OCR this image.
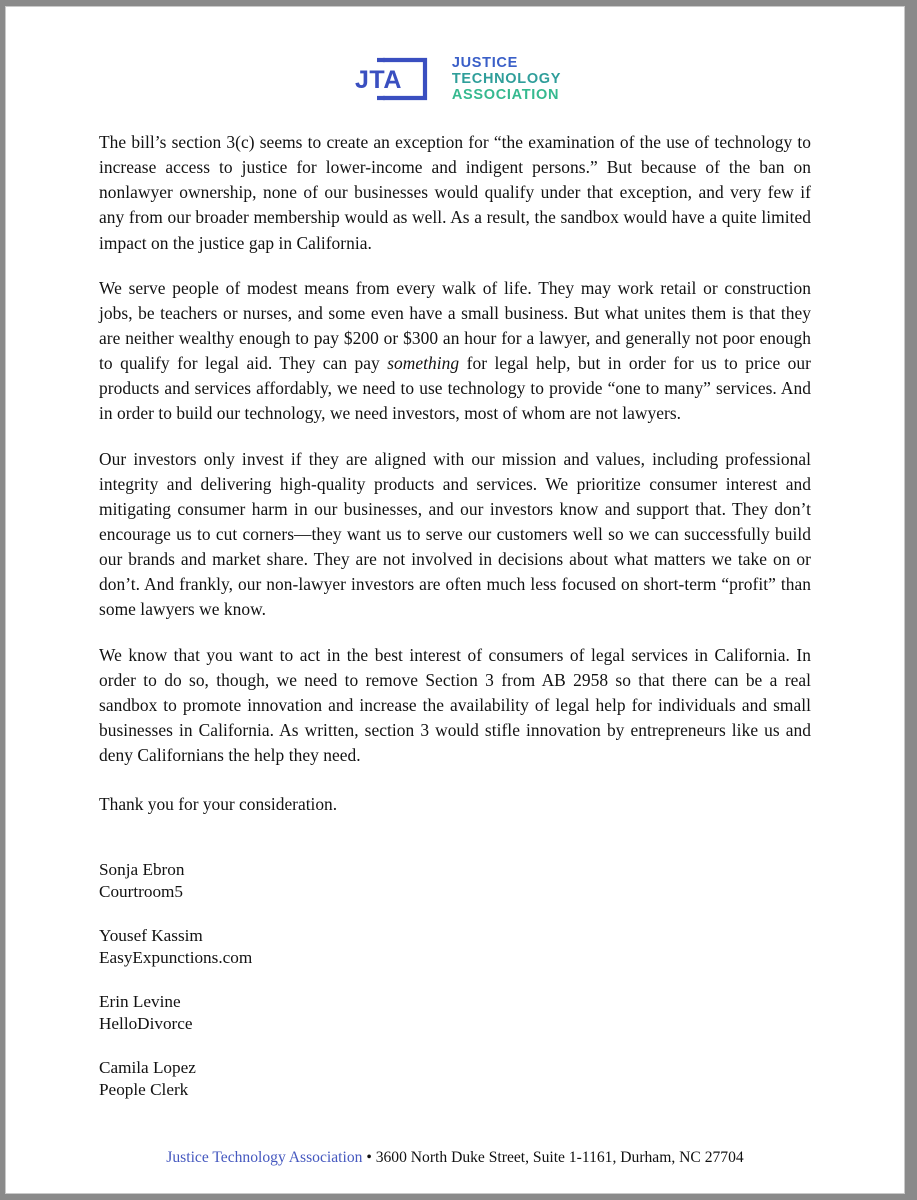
JTA
JUSTICE
TECHNOLOGY
ASSOCIATION

The bill’s section 3(c) seems to create an exception for “the examination of the use of technology to increase access to justice for lower-income and indigent persons.” But because of the ban on nonlawyer ownership, none of our businesses would qualify under that exception, and very few if any from our broader membership would as well. As a result, the sandbox would have a quite limited impact on the justice gap in California.

We serve people of modest means from every walk of life. They may work retail or construction jobs, be teachers or nurses, and some even have a small business. But what unites them is that they are neither wealthy enough to pay $200 or $300 an hour for a lawyer, and generally not poor enough to qualify for legal aid. They can pay something for legal help, but in order for us to price our products and services affordably, we need to use technology to provide “one to many” services. And in order to build our technology, we need investors, most of whom are not lawyers.

Our investors only invest if they are aligned with our mission and values, including professional integrity and delivering high-quality products and services. We prioritize consumer interest and mitigating consumer harm in our businesses, and our investors know and support that. They don’t encourage us to cut corners—they want us to serve our customers well so we can successfully build our brands and market share. They are not involved in decisions about what matters we take on or don’t. And frankly, our non-lawyer investors are often much less focused on short-term “profit” than some lawyers we know.

We know that you want to act in the best interest of consumers of legal services in California. In order to do so, though, we need to remove Section 3 from AB 2958 so that there can be a real sandbox to promote innovation and increase the availability of legal help for individuals and small businesses in California. As written, section 3 would stifle innovation by entrepreneurs like us and deny Californians the help they need.

Thank you for your consideration.

Sonja Ebron
Courtroom5
Yousef Kassim
EasyExpunctions.com
Erin Levine
HelloDivorce
Camila Lopez
People Clerk
Justice Technology Association • 3600 North Duke Street, Suite 1-1161, Durham, NC 27704
